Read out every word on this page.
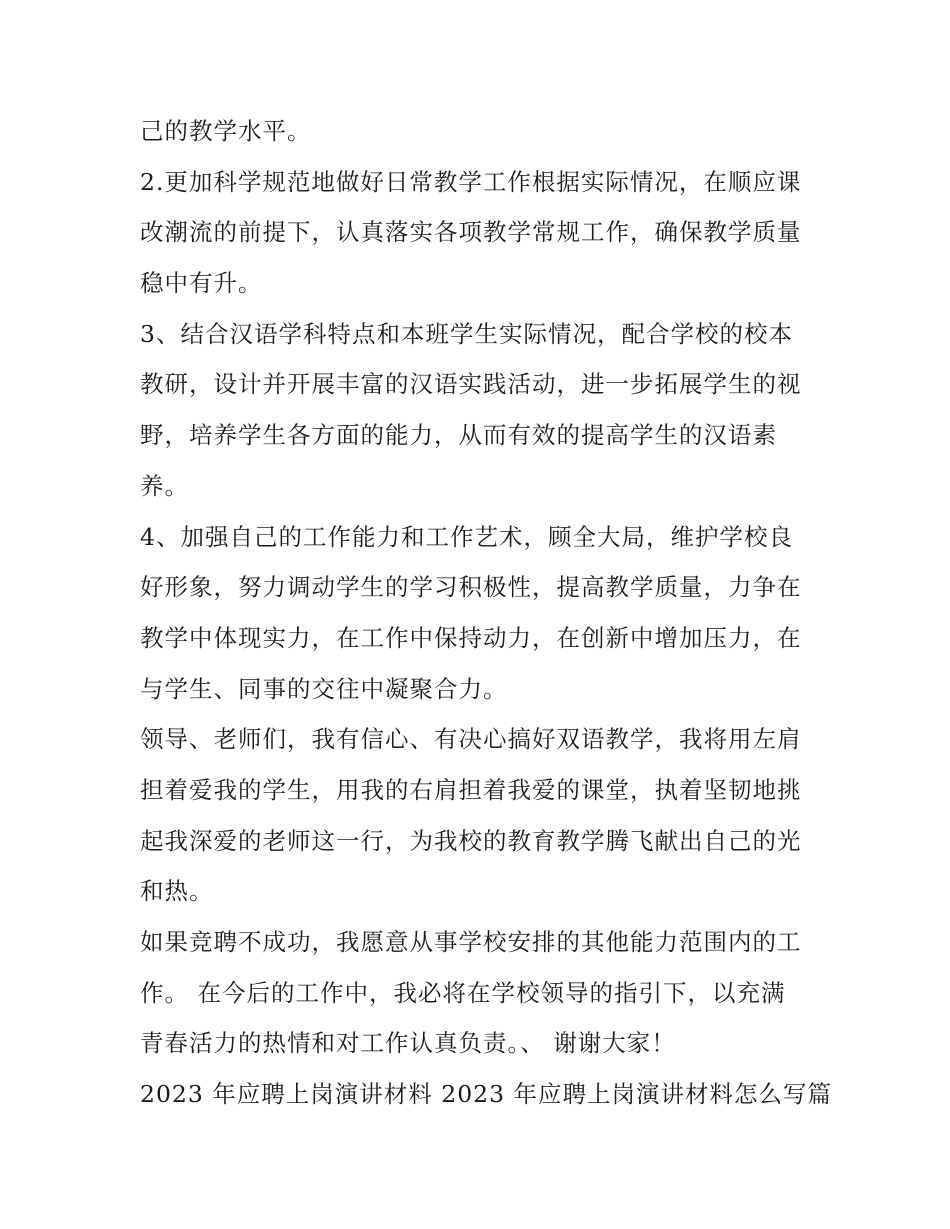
己的教学水平。
2.更加科学规范地做好日常教学工作根据实际情况，在顺应课
改潮流的前提下，认真落实各项教学常规工作，确保教学质量
稳中有升。
3、结合汉语学科特点和本班学生实际情况，配合学校的校本
教研，设计并开展丰富的汉语实践活动，进一步拓展学生的视
野，培养学生各方面的能力，从而有效的提高学生的汉语素
养。
4、加强自己的工作能力和工作艺术，顾全大局，维护学校良
好形象，努力调动学生的学习积极性，提高教学质量，力争在
教学中体现实力，在工作中保持动力，在创新中增加压力，在
与学生、同事的交往中凝聚合力。
领导、老师们，我有信心、有决心搞好双语教学，我将用左肩
担着爱我的学生，用我的右肩担着我爱的课堂，执着坚韧地挑
起我深爱的老师这一行，为我校的教育教学腾飞献出自己的光
和热。
如果竞聘不成功，我愿意从事学校安排的其他能力范围内的工
作。 在今后的工作中，我必将在学校领导的指引下，以充满
青春活力的热情和对工作认真负责。、 谢谢大家！
2023 年应聘上岗演讲材料 2023 年应聘上岗演讲材料怎么写篇
